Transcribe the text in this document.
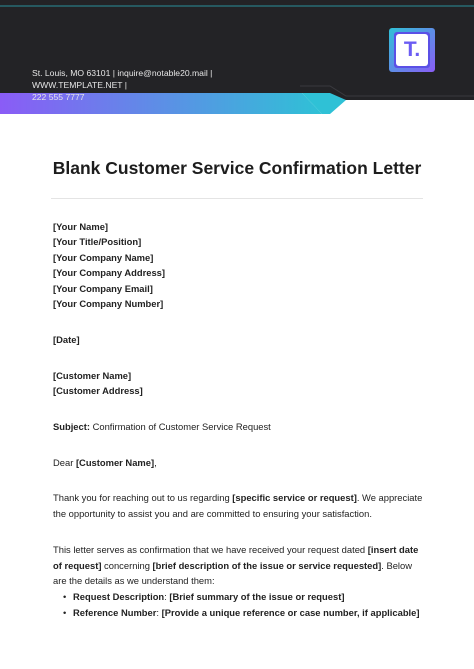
St. Louis, MO 63101 | inquire@notable20.mail | WWW.TEMPLATE.NET |
222 555 7777
T.
Blank Customer Service Confirmation Letter
[Your Name]
[Your Title/Position]
[Your Company Name]
[Your Company Address]
[Your Company Email]
[Your Company Number]
[Date]
[Customer Name]
[Customer Address]
Subject: Confirmation of Customer Service Request
Dear [Customer Name],
Thank you for reaching out to us regarding [specific service or request]. We appreciate the opportunity to assist you and are committed to ensuring your satisfaction.
This letter serves as confirmation that we have received your request dated [insert date of request] concerning [brief description of the issue or service requested]. Below are the details as we understand them:
• Request Description: [Brief summary of the issue or request]
• Reference Number: [Provide a unique reference or case number, if applicable]
